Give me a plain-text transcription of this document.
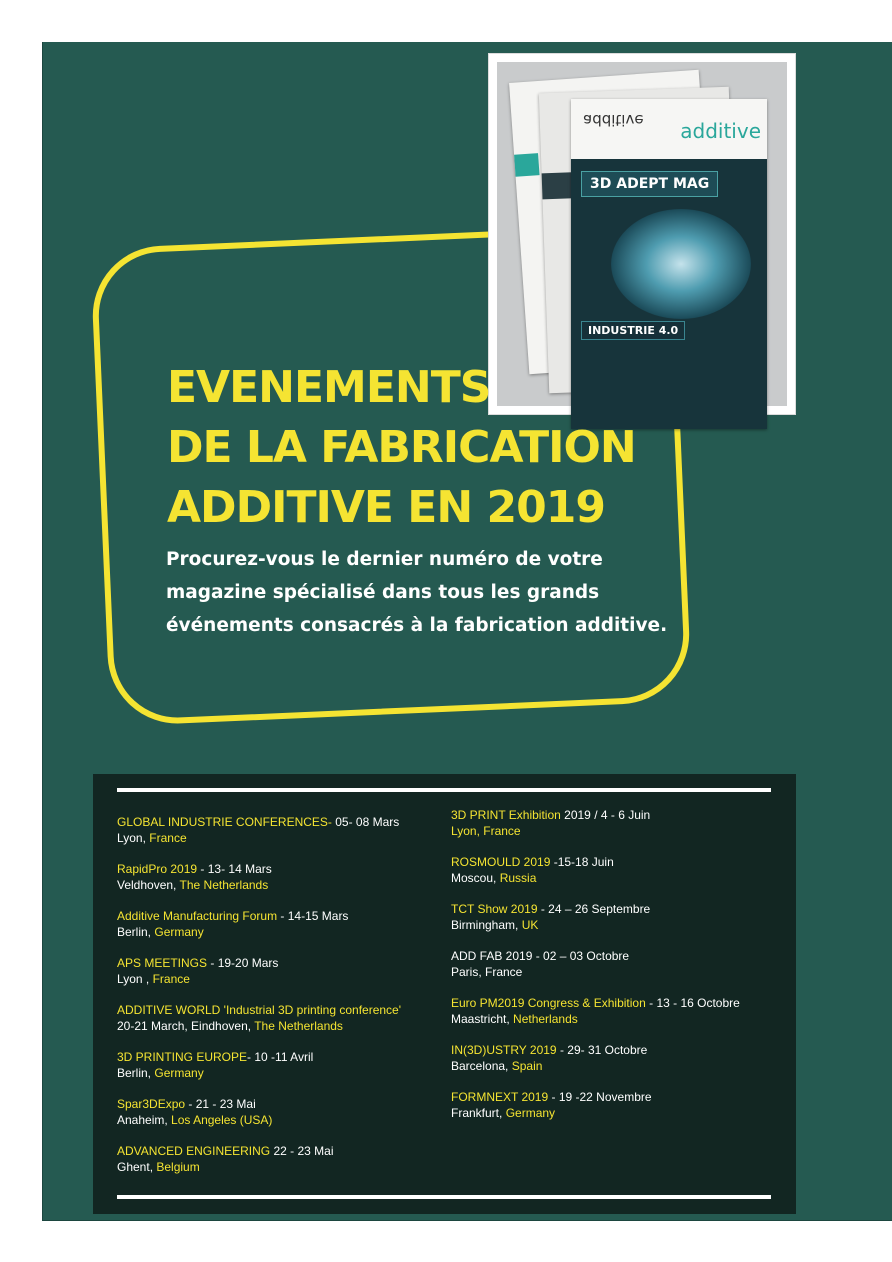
additive additive
3D ADEPT MAG
INDUSTRIE 4.0
EVENEMENTS
DE LA FABRICATION
ADDITIVE EN 2019

Procurez-vous le dernier numéro de votre magazine spécialisé dans tous les grands événements consacrés à la fabrication additive.

GLOBAL INDUSTRIE CONFERENCES- 05- 08 Mars
Lyon, France
RapidPro 2019 - 13- 14 Mars
Veldhoven, The Netherlands
Additive Manufacturing Forum - 14-15 Mars
Berlin, Germany
APS MEETINGS - 19-20 Mars
Lyon , France
ADDITIVE WORLD 'Industrial 3D printing conference'
20-21 March, Eindhoven, The Netherlands
3D PRINTING EUROPE- 10 -11 Avril
Berlin, Germany
Spar3DExpo - 21 - 23 Mai
Anaheim, Los Angeles (USA)
ADVANCED ENGINEERING 22 - 23 Mai
Ghent, Belgium
3D PRINT Exhibition 2019 / 4 - 6 Juin
Lyon, France
ROSMOULD 2019 -15-18 Juin
Moscou, Russia
TCT Show 2019 - 24 – 26 Septembre
Birmingham, UK
ADD FAB 2019 - 02 – 03 Octobre
Paris, France
Euro PM2019 Congress & Exhibition - 13 - 16 Octobre
Maastricht, Netherlands
IN(3D)USTRY 2019 - 29- 31 Octobre
Barcelona, Spain
FORMNEXT 2019 - 19 -22 Novembre
Frankfurt, Germany
